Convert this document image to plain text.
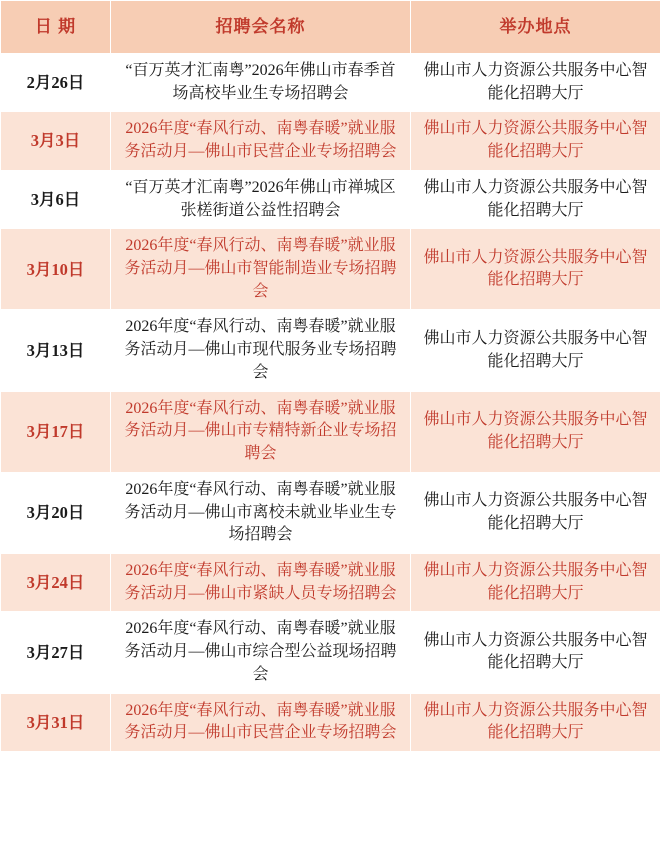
日 期	招聘会名称	举办地点
2月26日	“百万英才汇南粤”2026年佛山市春季首场高校毕业生专场招聘会	佛山市人力资源公共服务中心智能化招聘大厅
3月3日	2026年度“春风行动、南粤春暖”就业服务活动月—佛山市民营企业专场招聘会	佛山市人力资源公共服务中心智能化招聘大厅
3月6日	“百万英才汇南粤”2026年佛山市禅城区张槎街道公益性招聘会	佛山市人力资源公共服务中心智能化招聘大厅
3月10日	2026年度“春风行动、南粤春暖”就业服务活动月—佛山市智能制造业专场招聘会	佛山市人力资源公共服务中心智能化招聘大厅
3月13日	2026年度“春风行动、南粤春暖”就业服务活动月—佛山市现代服务业专场招聘会	佛山市人力资源公共服务中心智能化招聘大厅
3月17日	2026年度“春风行动、南粤春暖”就业服务活动月—佛山市专精特新企业专场招聘会	佛山市人力资源公共服务中心智能化招聘大厅
3月20日	2026年度“春风行动、南粤春暖”就业服务活动月—佛山市离校未就业毕业生专场招聘会	佛山市人力资源公共服务中心智能化招聘大厅
3月24日	2026年度“春风行动、南粤春暖”就业服务活动月—佛山市紧缺人员专场招聘会	佛山市人力资源公共服务中心智能化招聘大厅
3月27日	2026年度“春风行动、南粤春暖”就业服务活动月—佛山市综合型公益现场招聘会	佛山市人力资源公共服务中心智能化招聘大厅
3月31日	2026年度“春风行动、南粤春暖”就业服务活动月—佛山市民营企业专场招聘会	佛山市人力资源公共服务中心智能化招聘大厅
